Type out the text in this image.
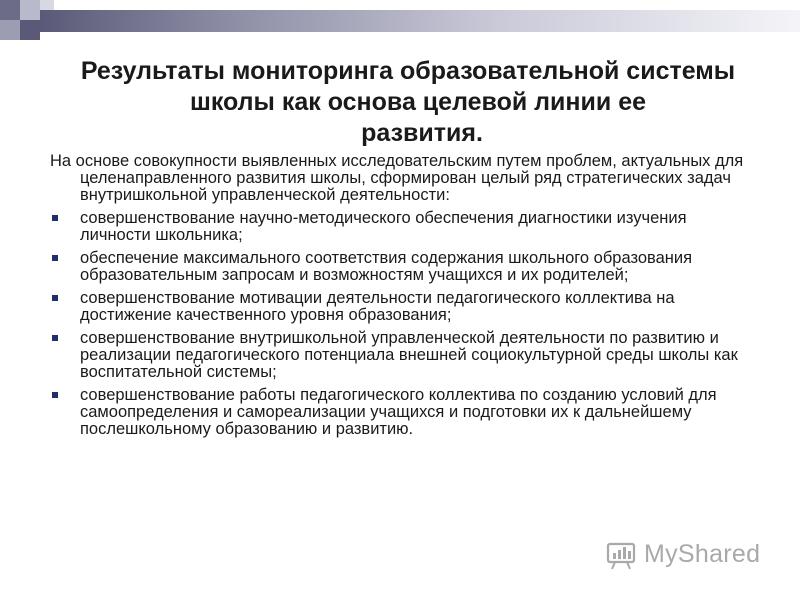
Результаты мониторинга образовательной системы
школы как основа целевой линии ее
развития.

На основе совокупности выявленных исследовательским путем проблем, актуальных для целенаправленного развития школы, сформирован целый ряд стратегических задач внутришкольной управленческой деятельности:

совершенствование научно-методического обеспечения диагностики изучения личности школьника;
обеспечение максимального соответствия содержания школьного образования образовательным запросам и возможностям учащихся и их родителей;
совершенствование мотивации деятельности педагогического коллектива на достижение качественного уровня образования;
совершенствование внутришкольной управленческой деятельности по развитию и реализации педагогического потенциала внешней социокультурной среды школы как воспитательной системы;
совершенствование работы педагогического коллектива по созданию условий для самоопределения и самореализации учащихся и подготовки их к дальнейшему послешкольному образованию и развитию.
MyShared
